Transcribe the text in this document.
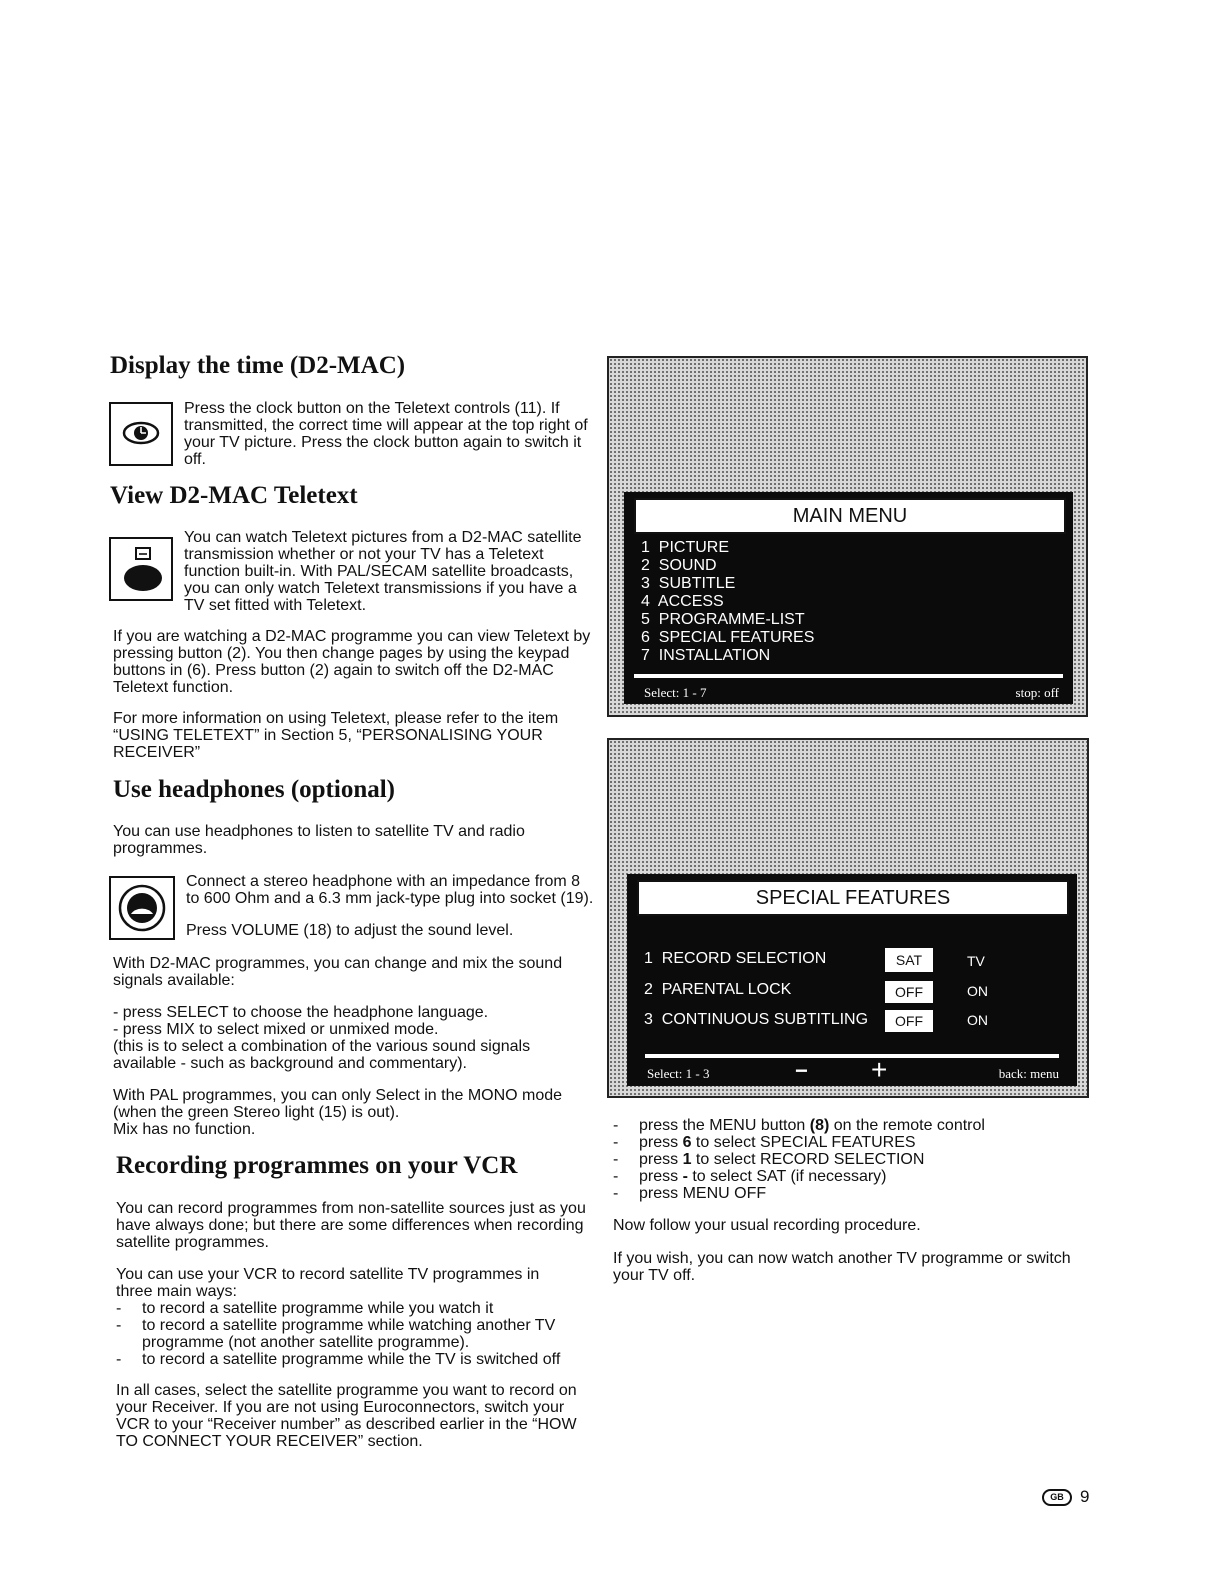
Display the time (D2-MAC)

Press the clock button on the Teletext controls (11). If transmitted, the correct time will appear at the top right of your TV picture. Press the clock button again to switch it off.

View D2-MAC Teletext

You can watch Teletext pictures from a D2-MAC satellite transmission whether or not your TV has a Teletext function built-in. With PAL/SECAM satellite broadcasts, you can only watch Teletext transmissions if you have a TV set fitted with Teletext.

If you are watching a D2-MAC programme you can view Teletext by pressing button (2). You then change pages by using the keypad buttons in (6). Press button (2) again to switch off the D2-MAC Teletext function.

For more information on using Teletext, please refer to the item “USING TELETEXT” in Section 5, “PERSONALISING YOUR RECEIVER”

Use headphones (optional)

You can use headphones to listen to satellite TV and radio programmes.

Connect a stereo headphone with an impedance from 8 to 600 Ohm and a 6.3 mm jack-type plug into socket (19).

Press VOLUME (18) to adjust the sound level.

With D2-MAC programmes, you can change and mix the sound signals available:

- press SELECT to choose the headphone language.

- press MIX to select mixed or unmixed mode.

(this is to select a combination of the various sound signals available - such as background and commentary).

With PAL programmes, you can only Select in the MONO mode (when the green Stereo light (15) is out).

Mix has no function.

Recording programmes on your VCR

You can record programmes from non-satellite sources just as you have always done; but there are some differences when recording satellite programmes.

You can use your VCR to record satellite TV programmes in three main ways:

- to record a satellite programme while you watch it
- to record a satellite programme while watching another TV programme (not another satellite programme).
- to record a satellite programme while the TV is switched off

In all cases, select the satellite programme you want to record on your Receiver. If you are not using Euroconnectors, switch your VCR to your “Receiver number” as described earlier in the “HOW TO CONNECT YOUR RECEIVER” section.

MAIN MENU
1 PICTURE
2 SOUND
3 SUBTITLE
4 ACCESS
5 PROGRAMME-LIST
6 SPECIAL FEATURES
7 INSTALLATION
Select: 1 - 7	stop: off
SPECIAL FEATURES
1 RECORD SELECTION	SAT	TV
2 PARENTAL LOCK	OFF	ON
3 CONTINUOUS SUBTITLING	OFF	ON
Select: 1 - 3	− +	back: menu
- press the MENU button (8) on the remote control
- press 6 to select SPECIAL FEATURES
- press 1 to select RECORD SELECTION
- press - to select SAT (if necessary)
- press MENU OFF

Now follow your usual recording procedure.

If you wish, you can now watch another TV programme or switch your TV off.

GB 9
